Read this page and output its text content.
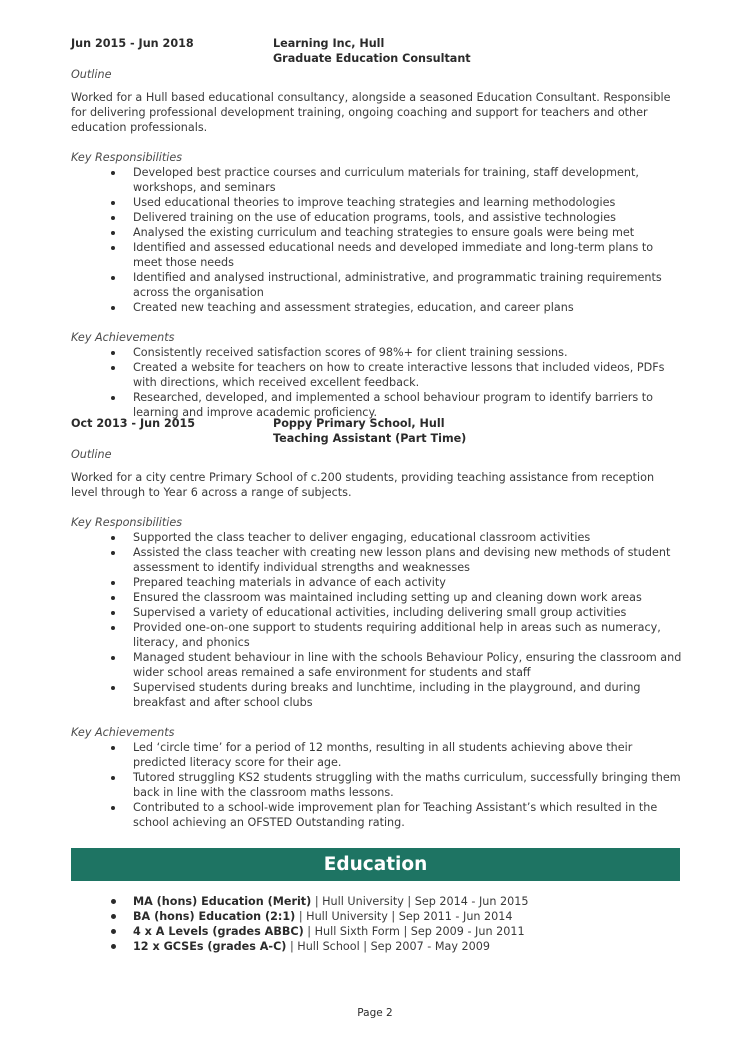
Jun 2015 - Jun 2018	Learning Inc, Hull
Graduate Education Consultant

Outline

Worked for a Hull based educational consultancy, alongside a seasoned Education Consultant. Responsible for delivering professional development training, ongoing coaching and support for teachers and other education professionals.

Key Responsibilities

Developed best practice courses and curriculum materials for training, staff development, workshops, and seminars
Used educational theories to improve teaching strategies and learning methodologies
Delivered training on the use of education programs, tools, and assistive technologies
Analysed the existing curriculum and teaching strategies to ensure goals were being met
Identified and assessed educational needs and developed immediate and long-term plans to meet those needs
Identified and analysed instructional, administrative, and programmatic training requirements across the organisation
Created new teaching and assessment strategies, education, and career plans

Key Achievements

Consistently received satisfaction scores of 98%+ for client training sessions.
Created a website for teachers on how to create interactive lessons that included videos, PDFs with directions, which received excellent feedback.
Researched, developed, and implemented a school behaviour program to identify barriers to learning and improve academic proficiency.
Oct 2013 - Jun 2015	Poppy Primary School, Hull
Teaching Assistant (Part Time)

Outline

Worked for a city centre Primary School of c.200 students, providing teaching assistance from reception level through to Year 6 across a range of subjects.

Key Responsibilities

Supported the class teacher to deliver engaging, educational classroom activities
Assisted the class teacher with creating new lesson plans and devising new methods of student assessment to identify individual strengths and weaknesses
Prepared teaching materials in advance of each activity
Ensured the classroom was maintained including setting up and cleaning down work areas
Supervised a variety of educational activities, including delivering small group activities
Provided one-on-one support to students requiring additional help in areas such as numeracy, literacy, and phonics
Managed student behaviour in line with the schools Behaviour Policy, ensuring the classroom and wider school areas remained a safe environment for students and staff
Supervised students during breaks and lunchtime, including in the playground, and during breakfast and after school clubs

Key Achievements

Led ‘circle time’ for a period of 12 months, resulting in all students achieving above their predicted literacy score for their age.
Tutored struggling KS2 students struggling with the maths curriculum, successfully bringing them back in line with the classroom maths lessons.
Contributed to a school-wide improvement plan for Teaching Assistant’s which resulted in the school achieving an OFSTED Outstanding rating.
Education
MA (hons) Education (Merit) | Hull University | Sep 2014 - Jun 2015
BA (hons) Education (2:1) | Hull University | Sep 2011 - Jun 2014
4 x A Levels (grades ABBC) | Hull Sixth Form | Sep 2009 - Jun 2011
12 x GCSEs (grades A-C) | Hull School | Sep 2007 - May 2009
Page 2
